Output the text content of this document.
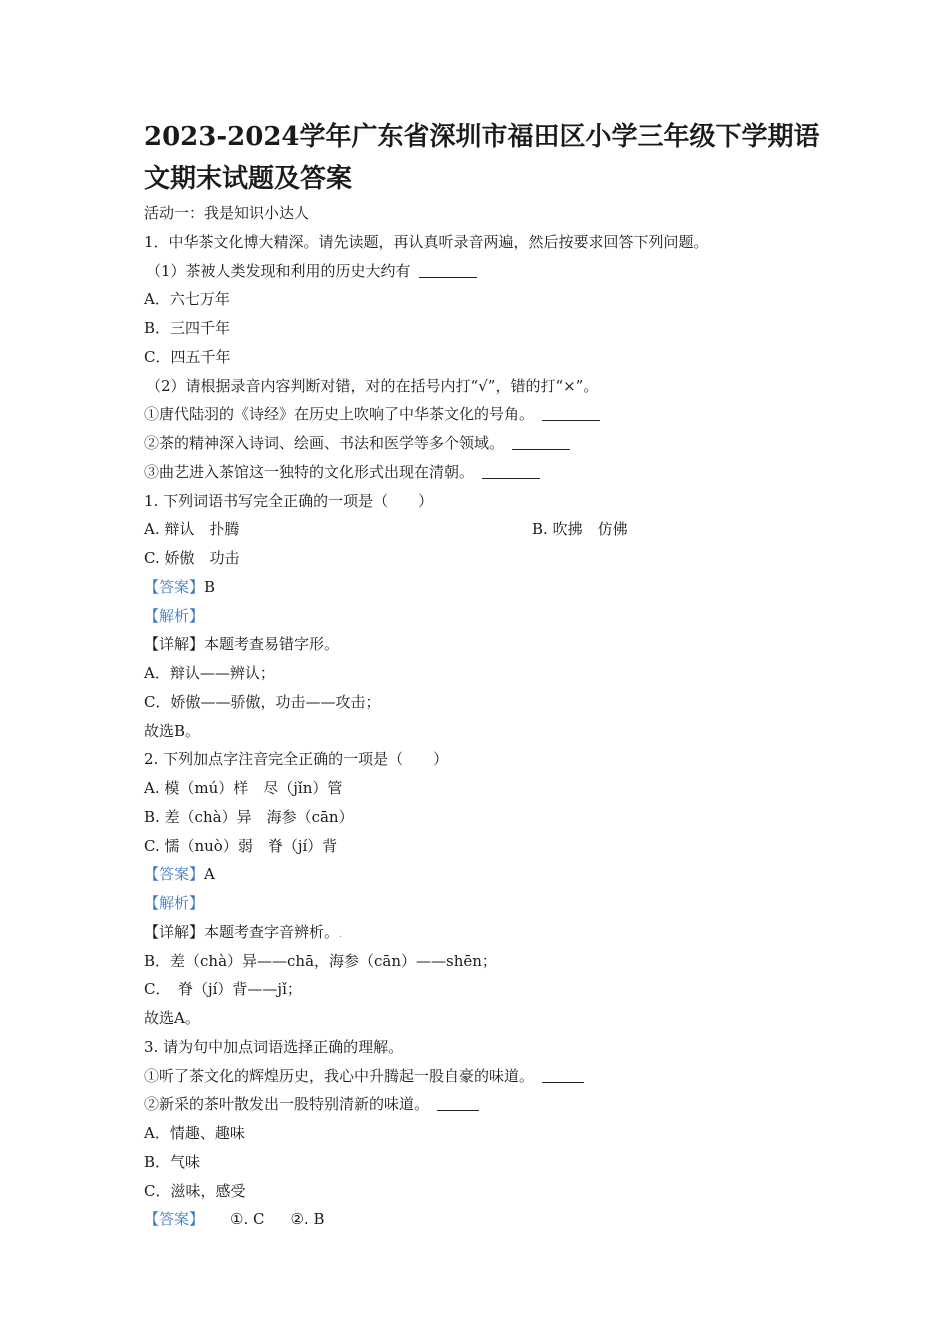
2023-2024学年广东省深圳市福田区小学三年级下学期语文期末试题及答案
活动一：我是知识小达人
1．中华茶文化博大精深。请先读题，再认真听录音两遍，然后按要求回答下列问题。
（1）茶被人类发现和利用的历史大约有
A．六七万年
B．三四千年
C．四五千年
（2）请根据录音内容判断对错，对的在括号内打“√”，错的打“×”。
①唐代陆羽的《诗经》在历史上吹响了中华茶文化的号角。
②茶的精神深入诗词、绘画、书法和医学等多个领域。
③曲艺进入茶馆这一独特的文化形式出现在清朝。
1. 下列词语书写完全正确的一项是（　　）
A. 辩认　扑腾	B. 吹拂　仿佛
C. 娇傲　功击
【答案】B
【解析】
【详解】本题考查易错字形。
A．辩认——辨认；
C．娇傲——骄傲，功击——攻击；
故选B。
2. 下列加点字注音完全正确的一项是（　　）
A. 模（mú）样　尽（jǐn）管
B. 差（chà）异　海参（cān）
C. 懦（nuò）弱　脊（jí）背
【答案】A
【解析】
【详解】本题考查字音辨析。.
B．差（chà）异——chā，海参（cān）——shēn；
C．　脊（jí）背——jǐ；
故选A。
3. 请为句中加点词语选择正确的理解。
①听了茶文化的辉煌历史，我心中升腾起一股自豪的味道。
②新采的茶叶散发出一股特别清新的味道。
A．情趣、趣味
B．气味
C．滋味，感受
【答案】 ①. C ②. B
